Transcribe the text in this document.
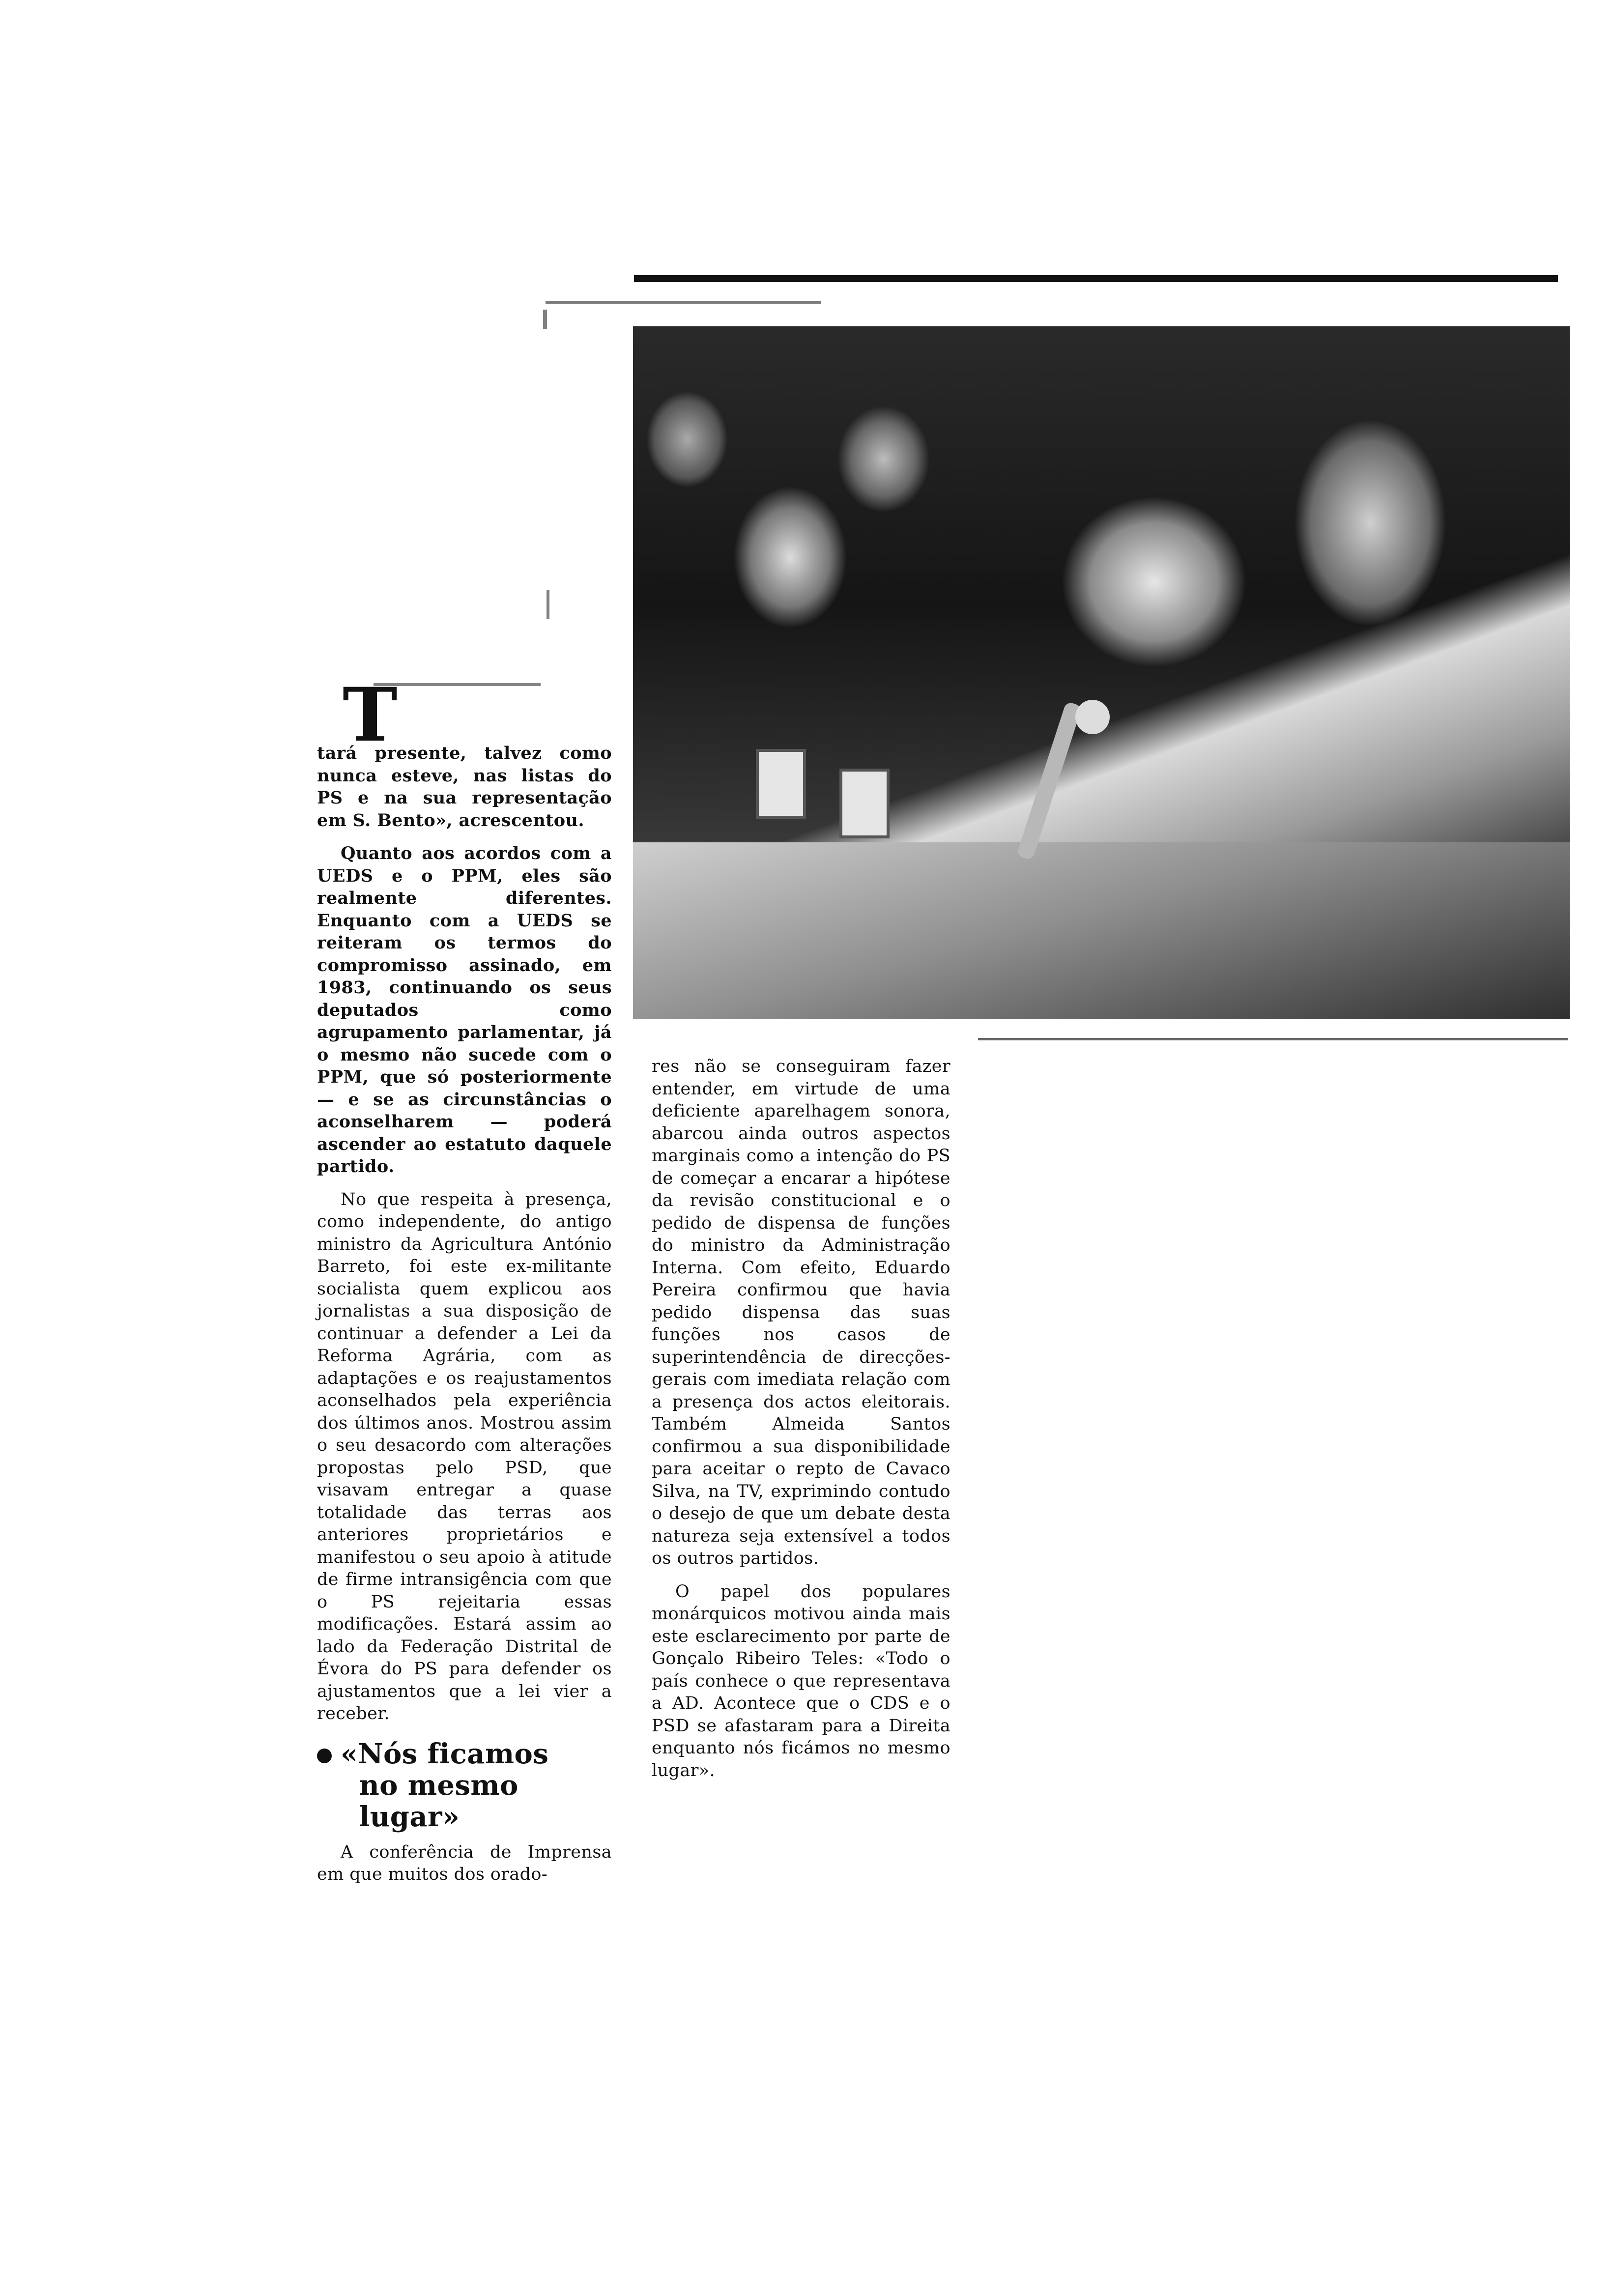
T

tará presente, talvez como nunca esteve, nas listas do PS e na sua representação em S. Bento», acrescentou.

Quanto aos acordos com a UEDS e o PPM, eles são realmente diferentes. Enquanto com a UEDS se reiteram os termos do compromisso assinado, em 1983, continuando os seus deputados como agrupamento parlamentar, já o mesmo não sucede com o PPM, que só posteriormente — e se as circunstâncias o aconselharem — poderá ascender ao estatuto daquele partido.

No que respeita à presença, como independente, do antigo ministro da Agricultura António Barreto, foi este ex-militante socialista quem explicou aos jornalistas a sua disposição de continuar a defender a Lei da Reforma Agrária, com as adaptações e os reajustamentos aconselhados pela experiência dos últimos anos. Mostrou assim o seu desacordo com alterações propostas pelo PSD, que visavam entregar a quase totalidade das terras aos anteriores proprietários e manifestou o seu apoio à atitude de firme intransigência com que o PS rejeitaria essas modificações. Estará assim ao lado da Federação Distrital de Évora do PS para defender os ajustamentos que a lei vier a receber.

«Nós ficamos
no mesmo lugar»

A conferência de Imprensa em que muitos dos orado-

res não se conseguiram fazer entender, em virtude de uma deficiente aparelhagem sonora, abarcou ainda outros aspectos marginais como a intenção do PS de começar a encarar a hipótese da revisão constitucional e o pedido de dispensa de funções do ministro da Administração Interna. Com efeito, Eduardo Pereira confirmou que havia pedido dispensa das suas funções nos casos de superintendência de direcções-gerais com imediata relação com a presença dos actos eleitorais. Também Almeida Santos confirmou a sua disponibilidade para aceitar o repto de Cavaco Silva, na TV, exprimindo contudo o desejo de que um debate desta natureza seja extensível a todos os outros partidos.

O papel dos populares monárquicos motivou ainda mais este esclarecimento por parte de Gonçalo Ribeiro Teles: «Todo o país conhece o que representava a AD. Acontece que o CDS e o PSD se afastaram para a Direita enquanto nós ficámos no mesmo lugar».
